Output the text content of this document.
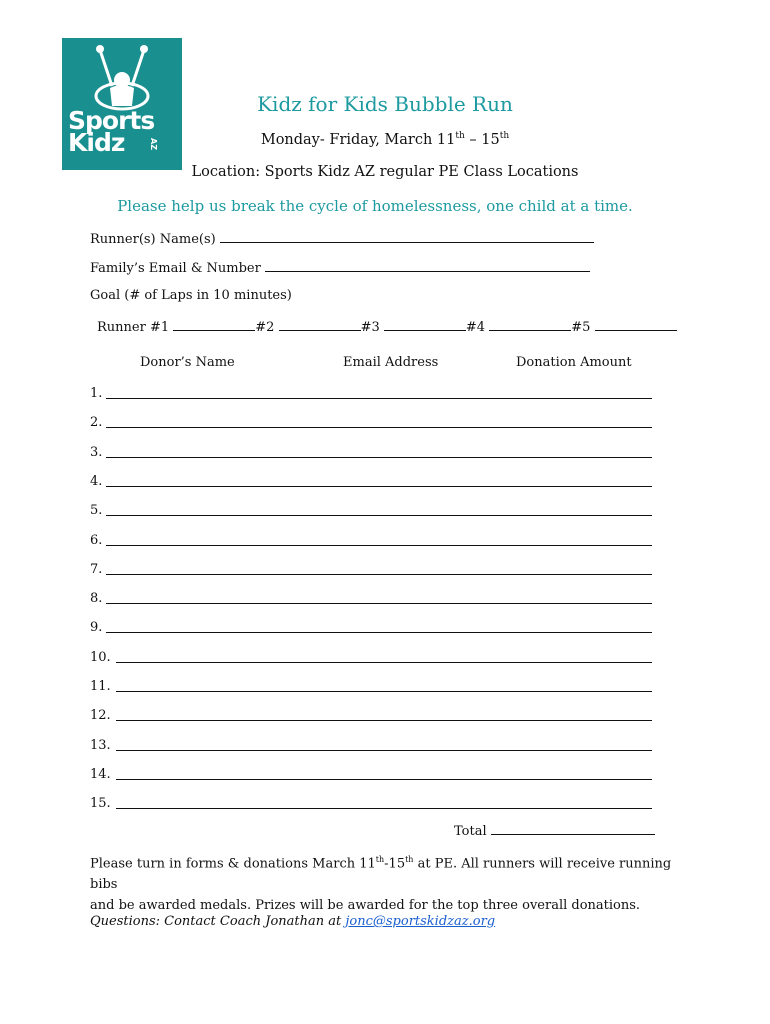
Sports
Kidz	AZ
Kidz for Kids Bubble Run
Monday- Friday, March 11th – 15th
Location: Sports Kidz AZ regular PE Class Locations
Please help us break the cycle of homelessness, one child at a time.
Runner(s) Name(s)
Family’s Email & Number
Goal (# of Laps in 10 minutes)
Runner #1	#2	#3	#4	#5
Donor’s Name	Email Address	Donation Amount
1.
2.
3.
4.
5.
6.
7.
8.
9.
10.
11.
12.
13.
14.
15.
Total
Please turn in forms & donations March 11th-15th at PE. All runners will receive running bibs
and be awarded medals. Prizes will be awarded for the top three overall donations.
Questions: Contact Coach Jonathan at jonc@sportskidzaz.org
